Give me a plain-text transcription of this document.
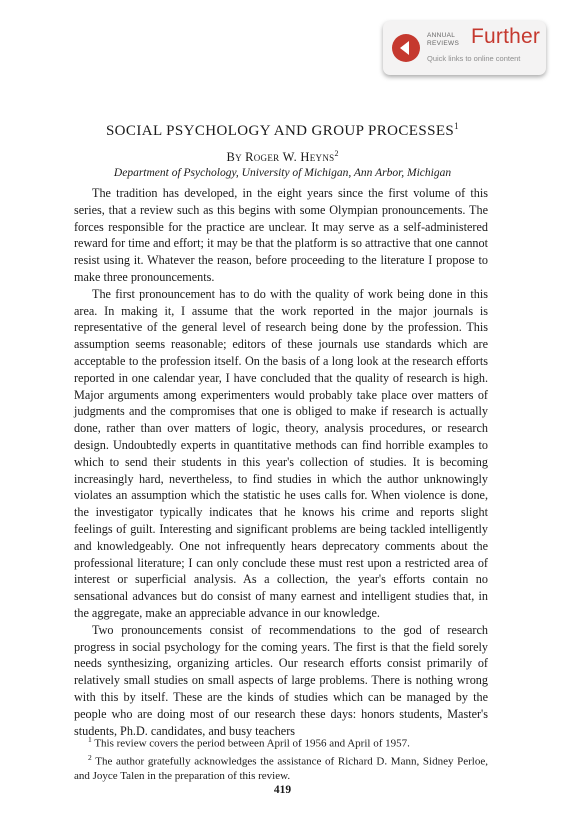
ANNUAL REVIEWS Further
Quick links to online content
SOCIAL PSYCHOLOGY AND GROUP PROCESSES$^1$
By Roger W. Heyns$^2$
Department of Psychology, University of Michigan, Ann Arbor, Michigan

The tradition has developed, in the eight years since the first volume of this series, that a review such as this begins with some Olympian pronouncements. The forces responsible for the practice are unclear. It may serve as a self-administered reward for time and effort; it may be that the platform is so attractive that one cannot resist using it. Whatever the reason, before proceeding to the literature I propose to make three pronouncements.

The first pronouncement has to do with the quality of work being done in this area. In making it, I assume that the work reported in the major journals is representative of the general level of research being done by the profession. This assumption seems reasonable; editors of these journals use standards which are acceptable to the profession itself. On the basis of a long look at the research efforts reported in one calendar year, I have concluded that the quality of research is high. Major arguments among experimenters would probably take place over matters of judgments and the compromises that one is obliged to make if research is actually done, rather than over matters of logic, theory, analysis procedures, or research design. Undoubtedly experts in quantitative methods can find horrible examples to which to send their students in this year's collection of studies. It is becoming increasingly hard, nevertheless, to find studies in which the author unknowingly violates an assumption which the statistic he uses calls for. When violence is done, the investigator typically indicates that he knows his crime and reports slight feelings of guilt. Interesting and significant problems are being tackled intelligently and knowledgeably. One not infrequently hears deprecatory comments about the professional literature; I can only conclude these must rest upon a restricted area of interest or superficial analysis. As a collection, the year's efforts contain no sensational advances but do consist of many earnest and intelligent studies that, in the aggregate, make an appreciable advance in our knowledge.

Two pronouncements consist of recommendations to the god of research progress in social psychology for the coming years. The first is that the field sorely needs synthesizing, organizing articles. Our research efforts consist primarily of relatively small studies on small aspects of large problems. There is nothing wrong with this by itself. These are the kinds of studies which can be managed by the people who are doing most of our research these days: honors students, Master's students, Ph.D. candidates, and busy teachers

$^1$ This review covers the period between April of 1956 and April of 1957.

$^2$ The author gratefully acknowledges the assistance of Richard D. Mann, Sidney Perloe, and Joyce Talen in the preparation of this review.

419
